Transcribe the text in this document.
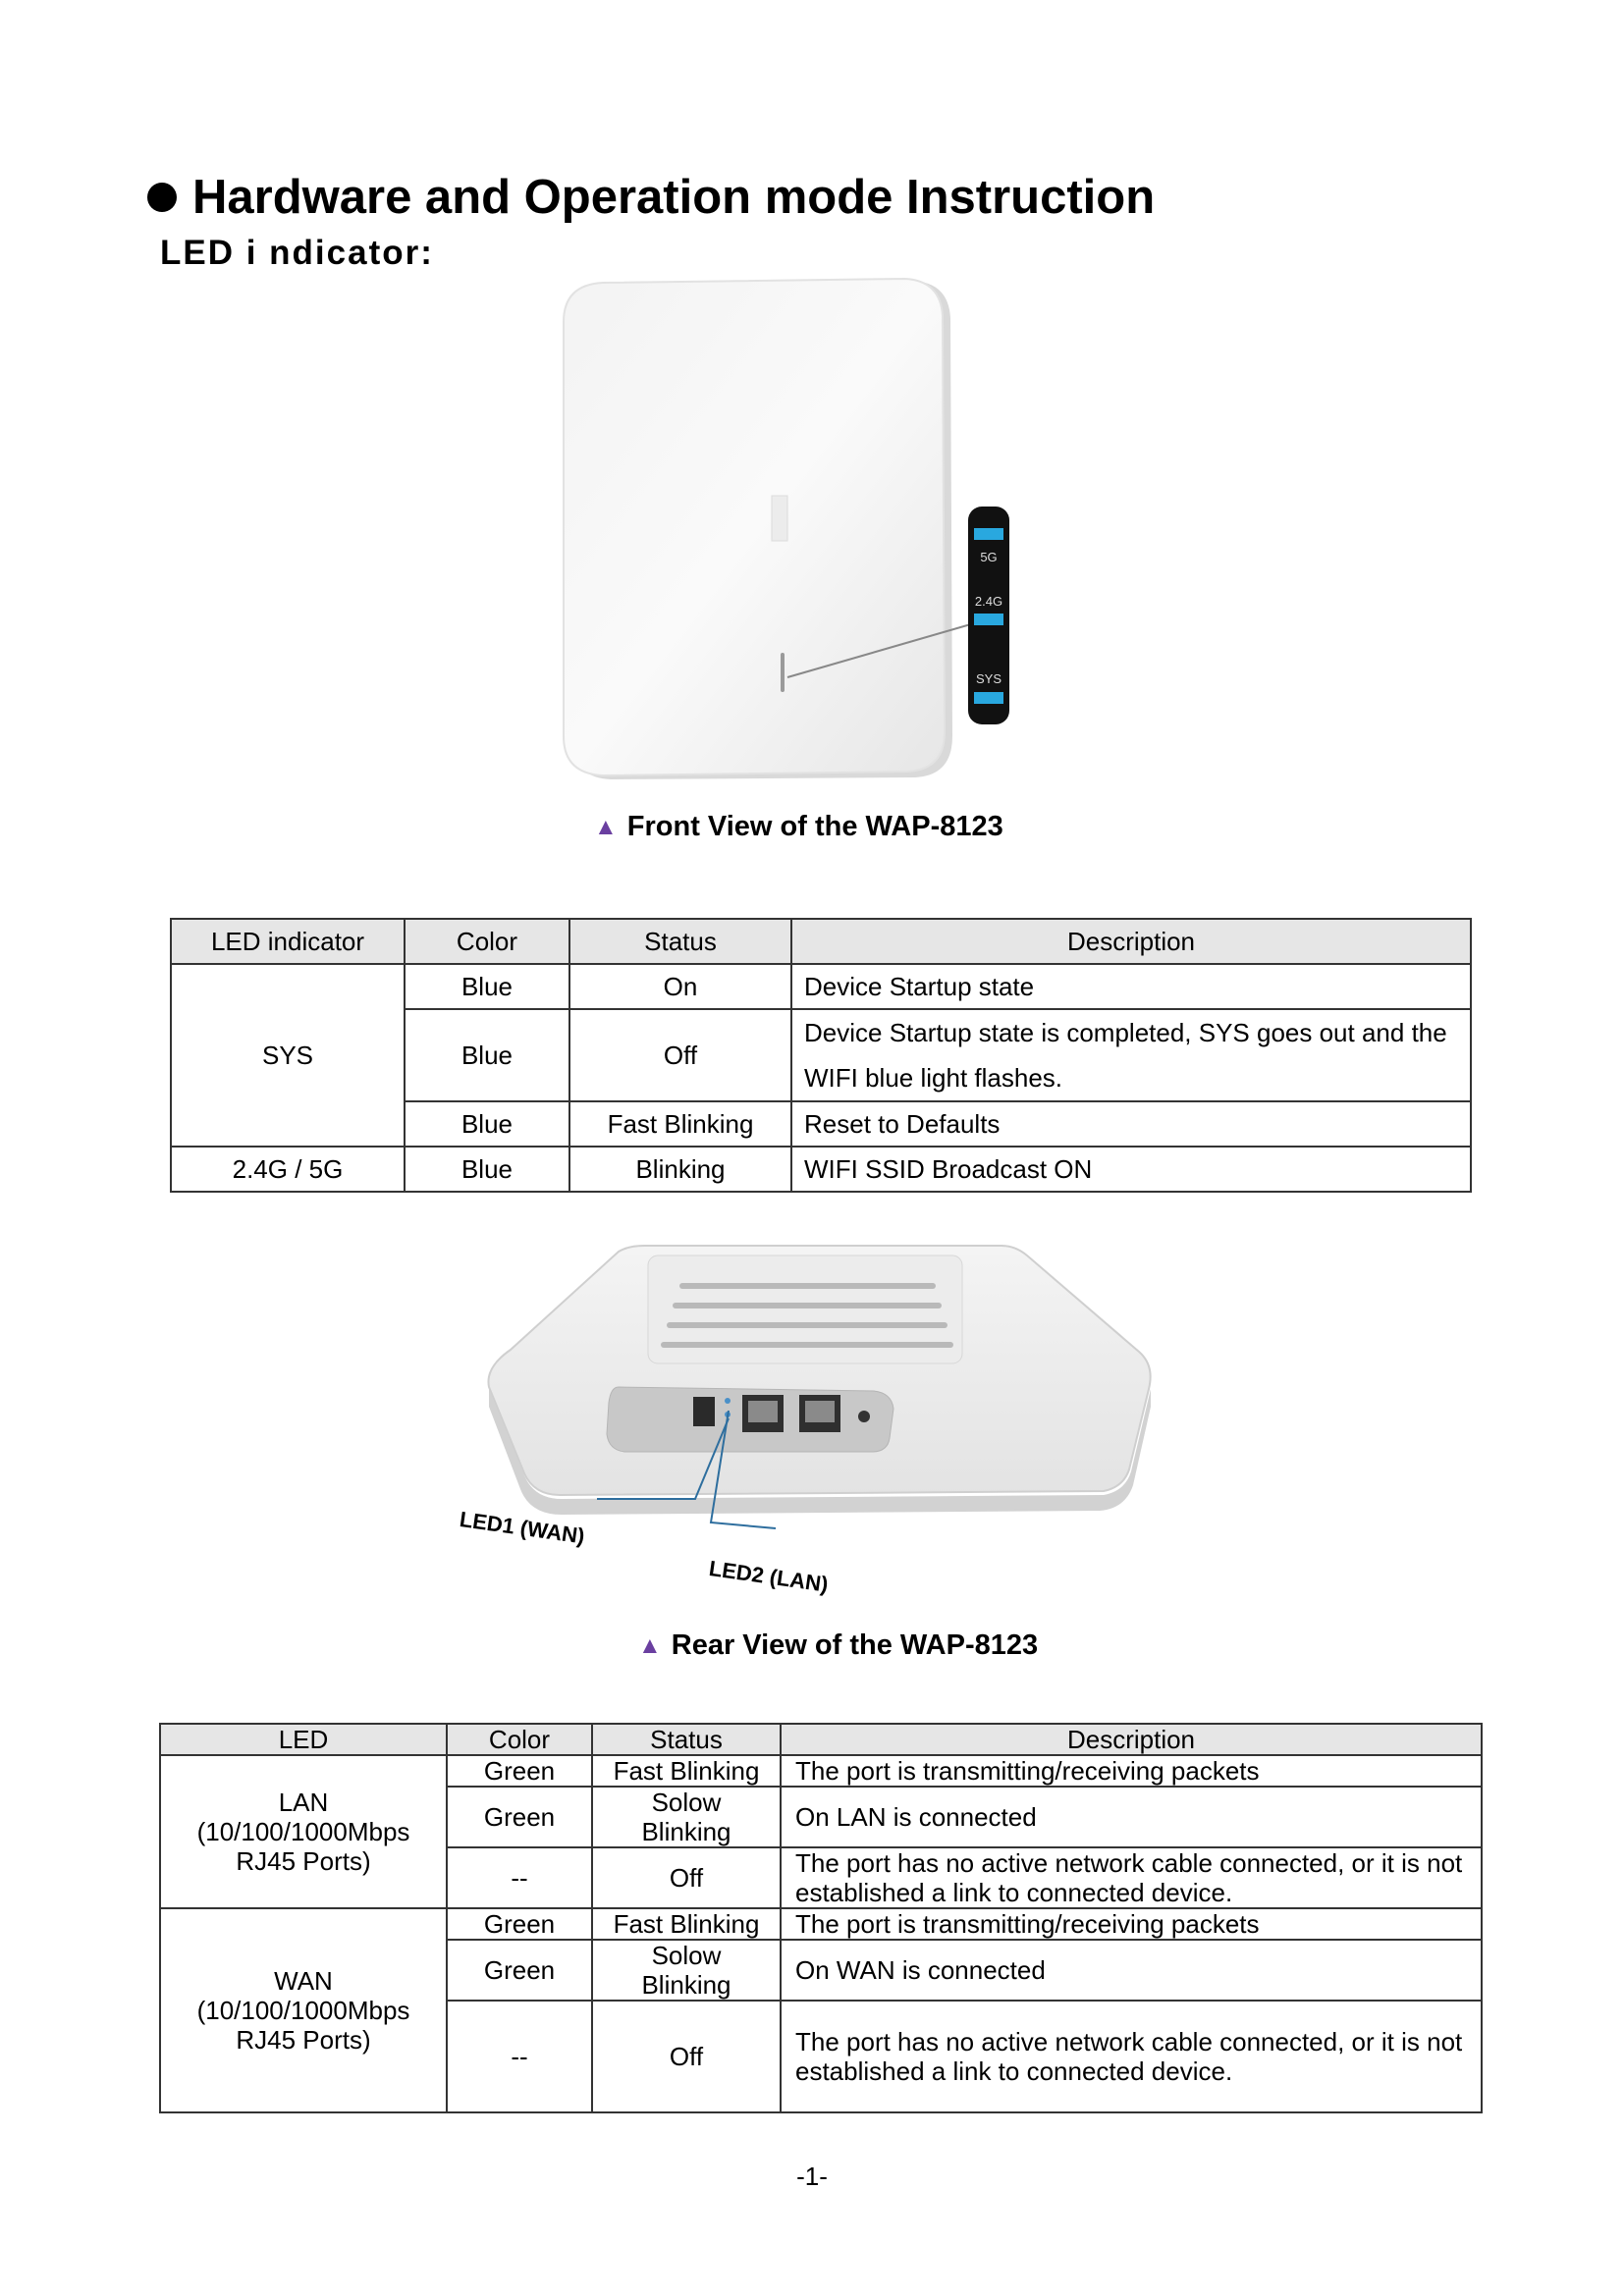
Hardware and Operation mode Instruction
LED i ndicator:
5G
2.4G
SYS
▲ Front View of the WAP-8123
LED indicator	Color	Status	Description
SYS	Blue	On	Device Startup state
	Blue	Off	Device Startup state is completed, SYS goes out and the
WIFI blue light flashes.

	Blue	Fast Blinking	Reset to Defaults
2.4G / 5G	Blue	Blinking	WIFI SSID Broadcast ON
LED1 (WAN)
LED2 (LAN)
▲ Rear View of the WAP-8123
LED	Color	Status	Description

LAN
(10/100/1000Mbps
RJ45 Ports)	Green	Fast Blinking	The port is transmitting/receiving packets
	Green	Solow
Blinking	On LAN is connected
	--	Off	The port has no active network cable connected, or it is not
established a link to connected device.

WAN
(10/100/1000Mbps
RJ45 Ports)	Green	Fast Blinking	The port is transmitting/receiving packets
	Green	Solow
Blinking	On WAN is connected
	--	Off	The port has no active network cable connected, or it is not
established a link to connected device.
-1-
